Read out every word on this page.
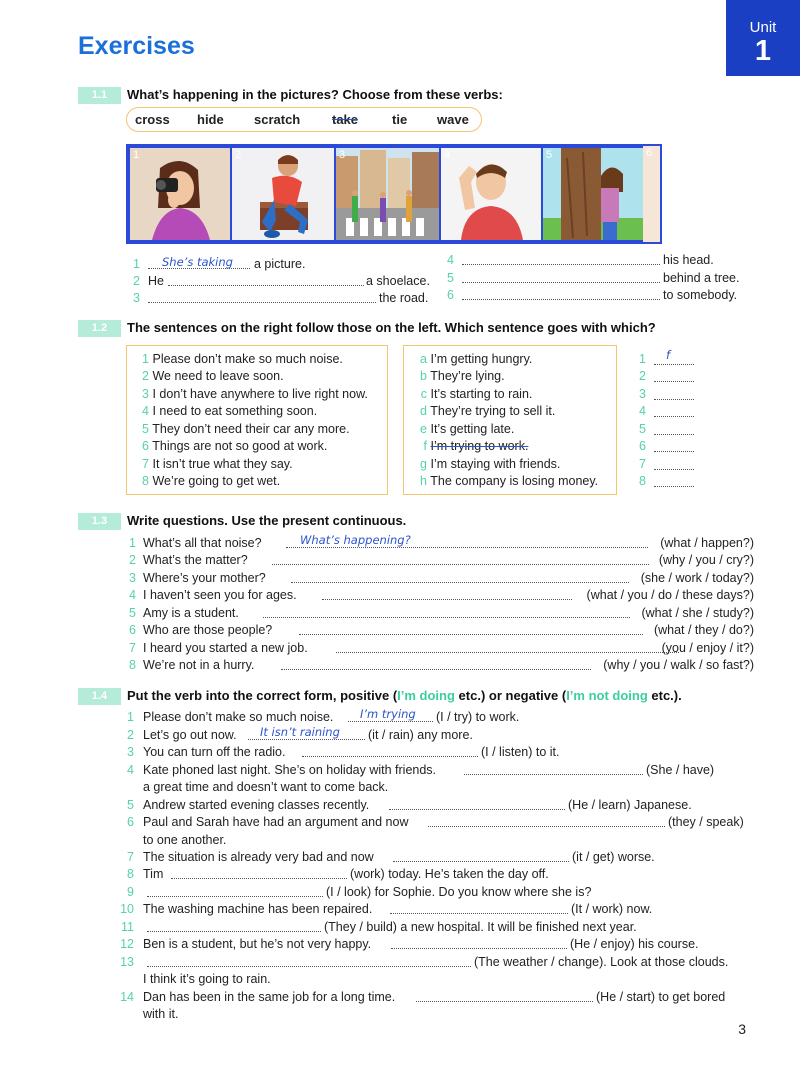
Exercises
Unit
1
1.1	What’s happening in the pictures? Choose from these verbs:
cross hide scratch take	tie wave
1	2	3	4	5	6
1 She’s taking a picture.
2 He	a shoelace.
3	the road.
4	his head.
5	behind a tree.
6	to somebody.
1.2	The sentences on the right follow those on the left. Which sentence goes with which?
1 Please don’t make so much noise.
2 We need to leave soon.
3 I don’t have anywhere to live right now.
4 I need to eat something soon.
5 They don’t need their car any more.
6 Things are not so good at work.
7 It isn’t true what they say.
8 We’re going to get wet.
a I’m getting hungry.
b They’re lying.
c It’s starting to rain.
d They’re trying to sell it.
e It’s getting late.
f I’m trying to work.
g I’m staying with friends.
h The company is losing money.
1 f
2
3
4
5
6
7
8
1.3	Write questions. Use the present continuous.
1 What’s all that noise?	(what / happen?)
What’s happening?
2 What’s the matter?	(why / you / cry?)
3 Where’s your mother?	(she / work / today?)
4 I haven’t seen you for ages.	(what / you / do / these days?)
5 Amy is a student.	(what / she / study?)
6 Who are those people?	(what / they / do?)
7 I heard you started a new job.	(you / enjoy / it?)
8 We’re not in a hurry.	(why / you / walk / so fast?)
1.4	Put the verb into the correct form, positive (I’m doing etc.) or negative (I’m not doing etc.).
1 Please don’t make so much noise. I’m trying (I / try) to work.
2 Let’s go out now. It isn’t raining (it / rain) any more.
3 You can turn off the radio.	(I / listen) to it.
4 Kate phoned last night. She’s on holiday with friends.	(She / have)
a great time and doesn’t want to come back.
5 Andrew started evening classes recently.	(He / learn) Japanese.
6 Paul and Sarah have had an argument and now	(they / speak)
to one another.
7 The situation is already very bad and now	(it / get) worse.
8 Tim	(work) today. He’s taken the day off.
9	(I / look) for Sophie. Do you know where she is?
10 The washing machine has been repaired.	(It / work) now.
11	(They / build) a new hospital. It will be finished next year.
12 Ben is a student, but he’s not very happy.	(He / enjoy) his course.
13	(The weather / change). Look at those clouds.
I think it’s going to rain.
14 Dan has been in the same job for a long time.	(He / start) to get bored
with it.
3
